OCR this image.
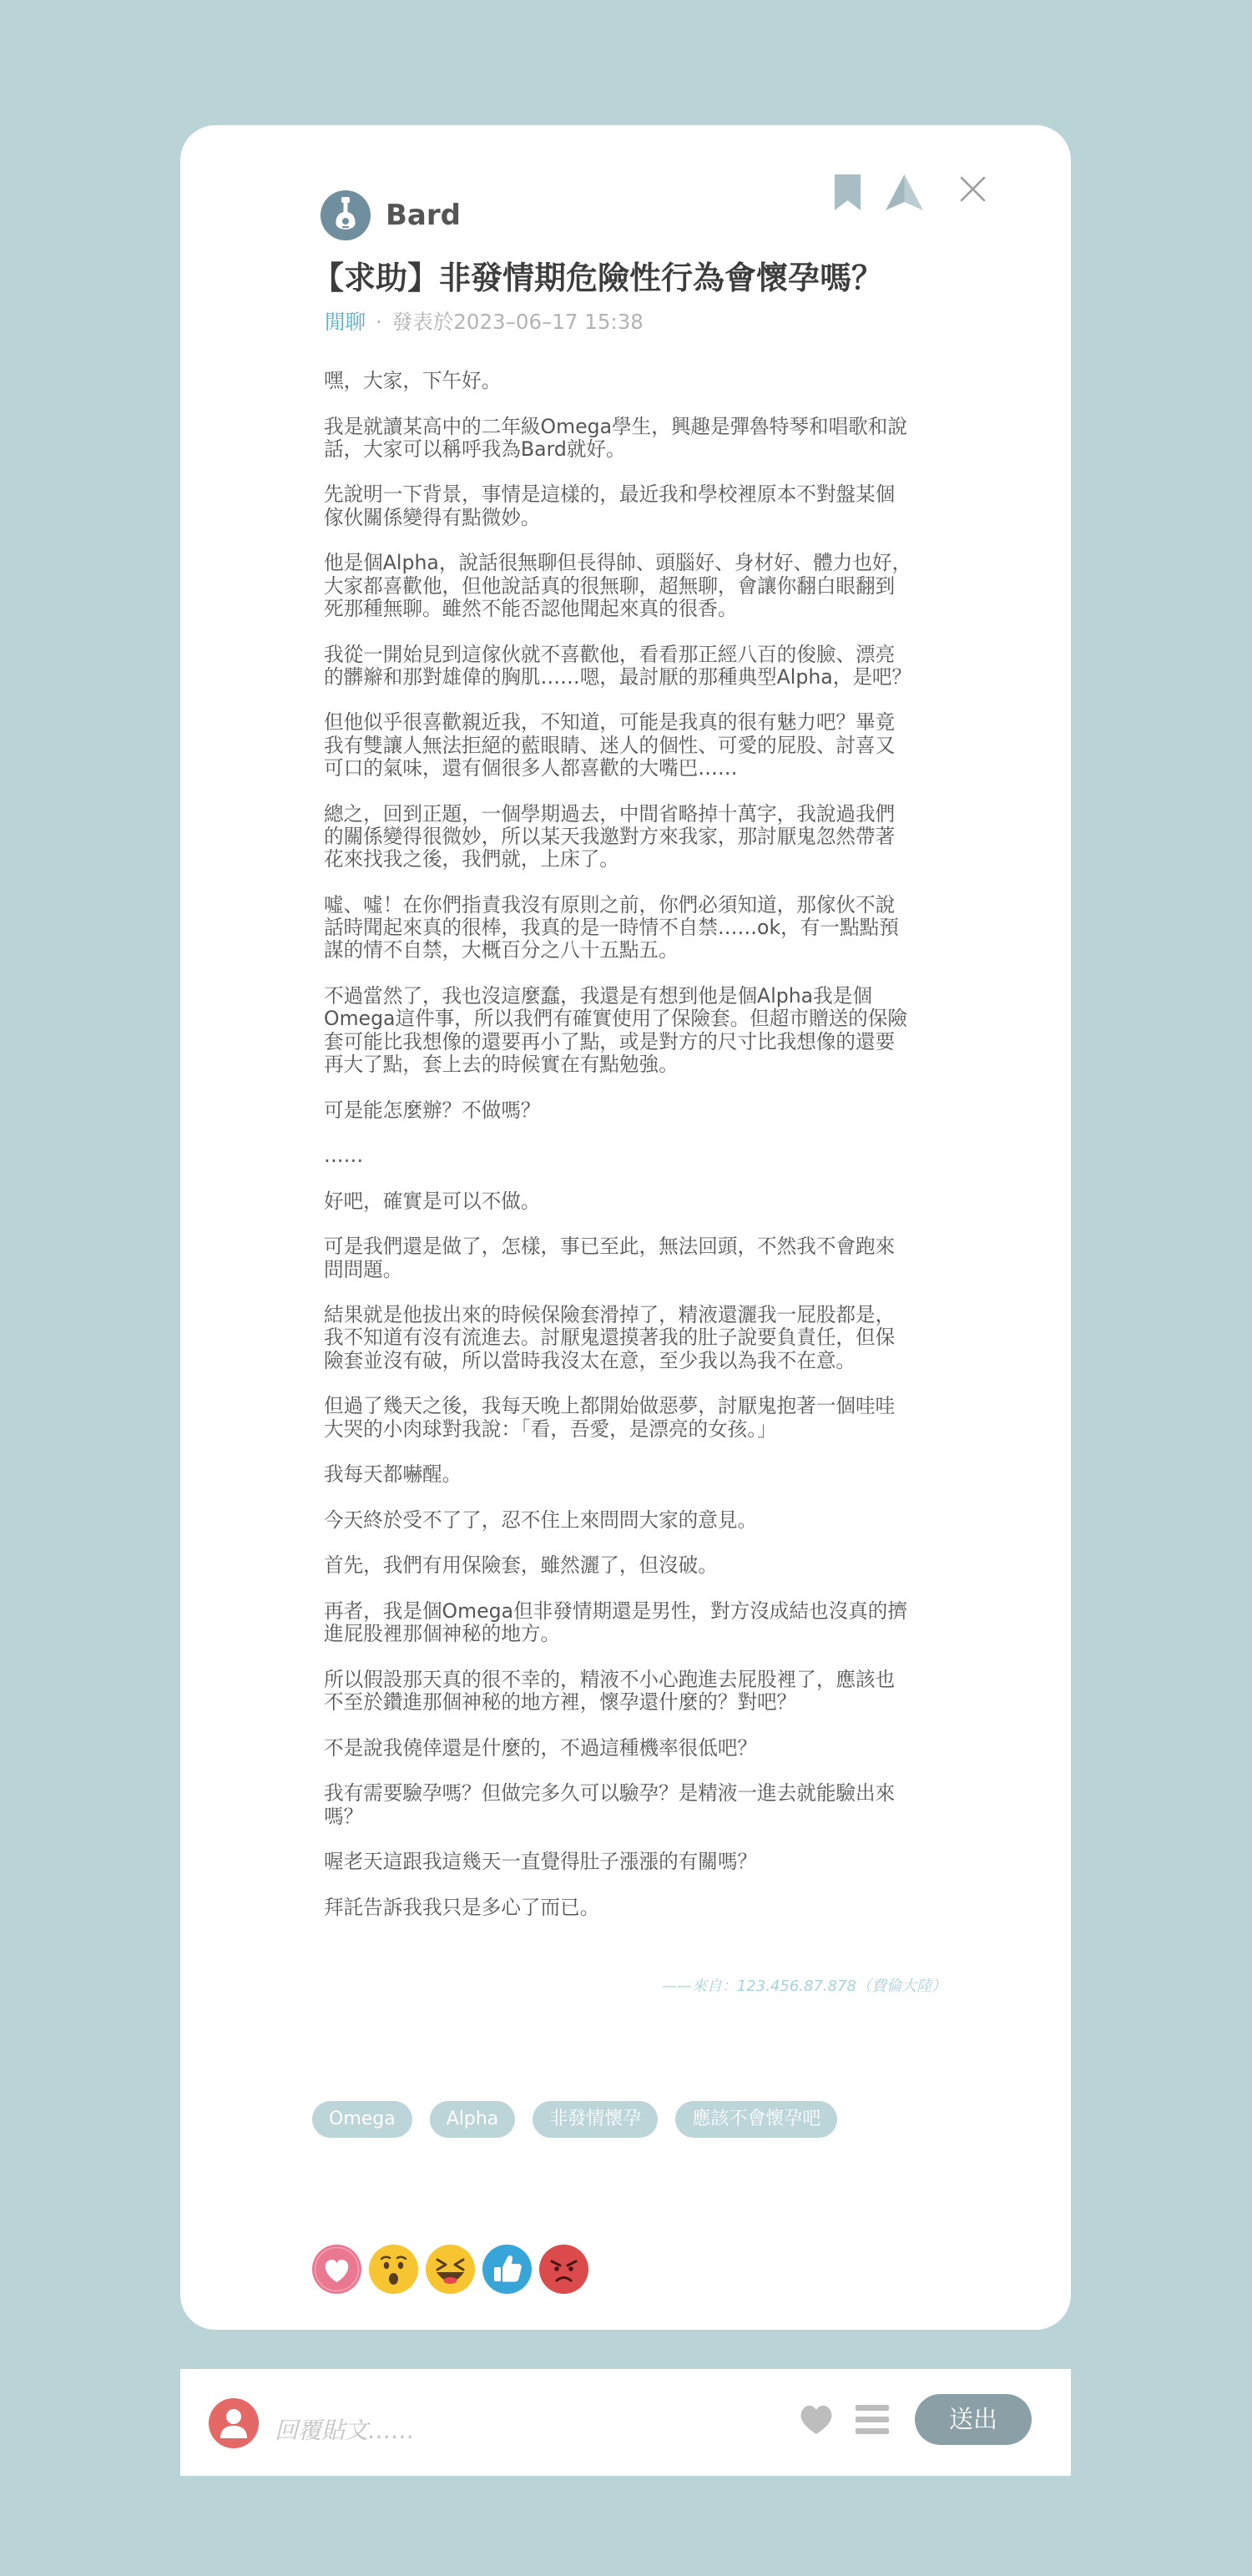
Bard
【求助】非發情期危險性行為會懷孕嗎？
閒聊 · 發表於2023–06–17 15:38
嘿，大家，下午好。
我是就讀某高中的二年級Omega學生，興趣是彈魯特琴和唱歌和說
話，大家可以稱呼我為Bard就好。
先說明一下背景，事情是這樣的，最近我和學校裡原本不對盤某個
傢伙關係變得有點微妙。
他是個Alpha，說話很無聊但長得帥、頭腦好、身材好、體力也好，
大家都喜歡他，但他說話真的很無聊，超無聊，會讓你翻白眼翻到
死那種無聊。雖然不能否認他聞起來真的很香。
我從一開始見到這傢伙就不喜歡他，看看那正經八百的俊臉、漂亮
的髒辮和那對雄偉的胸肌……嗯，最討厭的那種典型Alpha，是吧？
但他似乎很喜歡親近我，不知道，可能是我真的很有魅力吧？畢竟
我有雙讓人無法拒絕的藍眼睛、迷人的個性、可愛的屁股、討喜又
可口的氣味，還有個很多人都喜歡的大嘴巴……
總之，回到正題，一個學期過去，中間省略掉十萬字，我說過我們
的關係變得很微妙，所以某天我邀對方來我家，那討厭鬼忽然帶著
花來找我之後，我們就，上床了。
噓、噓！在你們指責我沒有原則之前，你們必須知道，那傢伙不說
話時聞起來真的很棒，我真的是一時情不自禁……ok，有一點點預
謀的情不自禁，大概百分之八十五點五。
不過當然了，我也沒這麼蠢，我還是有想到他是個Alpha我是個
Omega這件事，所以我們有確實使用了保險套。但超市贈送的保險
套可能比我想像的還要再小了點，或是對方的尺寸比我想像的還要
再大了點，套上去的時候實在有點勉強。
可是能怎麼辦？不做嗎？
……
好吧，確實是可以不做。
可是我們還是做了，怎樣，事已至此，無法回頭，不然我不會跑來
問問題。
結果就是他拔出來的時候保險套滑掉了，精液還灑我一屁股都是，
我不知道有沒有流進去。討厭鬼還摸著我的肚子說要負責任，但保
險套並沒有破，所以當時我沒太在意，至少我以為我不在意。
但過了幾天之後，我每天晚上都開始做惡夢，討厭鬼抱著一個哇哇
大哭的小肉球對我說：「看，吾愛，是漂亮的女孩。」
我每天都嚇醒。
今天終於受不了了，忍不住上來問問大家的意見。
首先，我們有用保險套，雖然灑了，但沒破。
再者，我是個Omega但非發情期還是男性，對方沒成結也沒真的擠
進屁股裡那個神秘的地方。
所以假設那天真的很不幸的，精液不小心跑進去屁股裡了，應該也
不至於鑽進那個神秘的地方裡，懷孕還什麼的？對吧？
不是說我僥倖還是什麼的，不過這種機率很低吧？
我有需要驗孕嗎？但做完多久可以驗孕？是精液一進去就能驗出來
嗎？
喔老天這跟我這幾天一直覺得肚子漲漲的有關嗎？
拜託告訴我我只是多心了而已。
——來自：123.456.87.878（費倫大陸）
Omega	Alpha	非發情懷孕	應該不會懷孕吧
回覆貼文……
送出
